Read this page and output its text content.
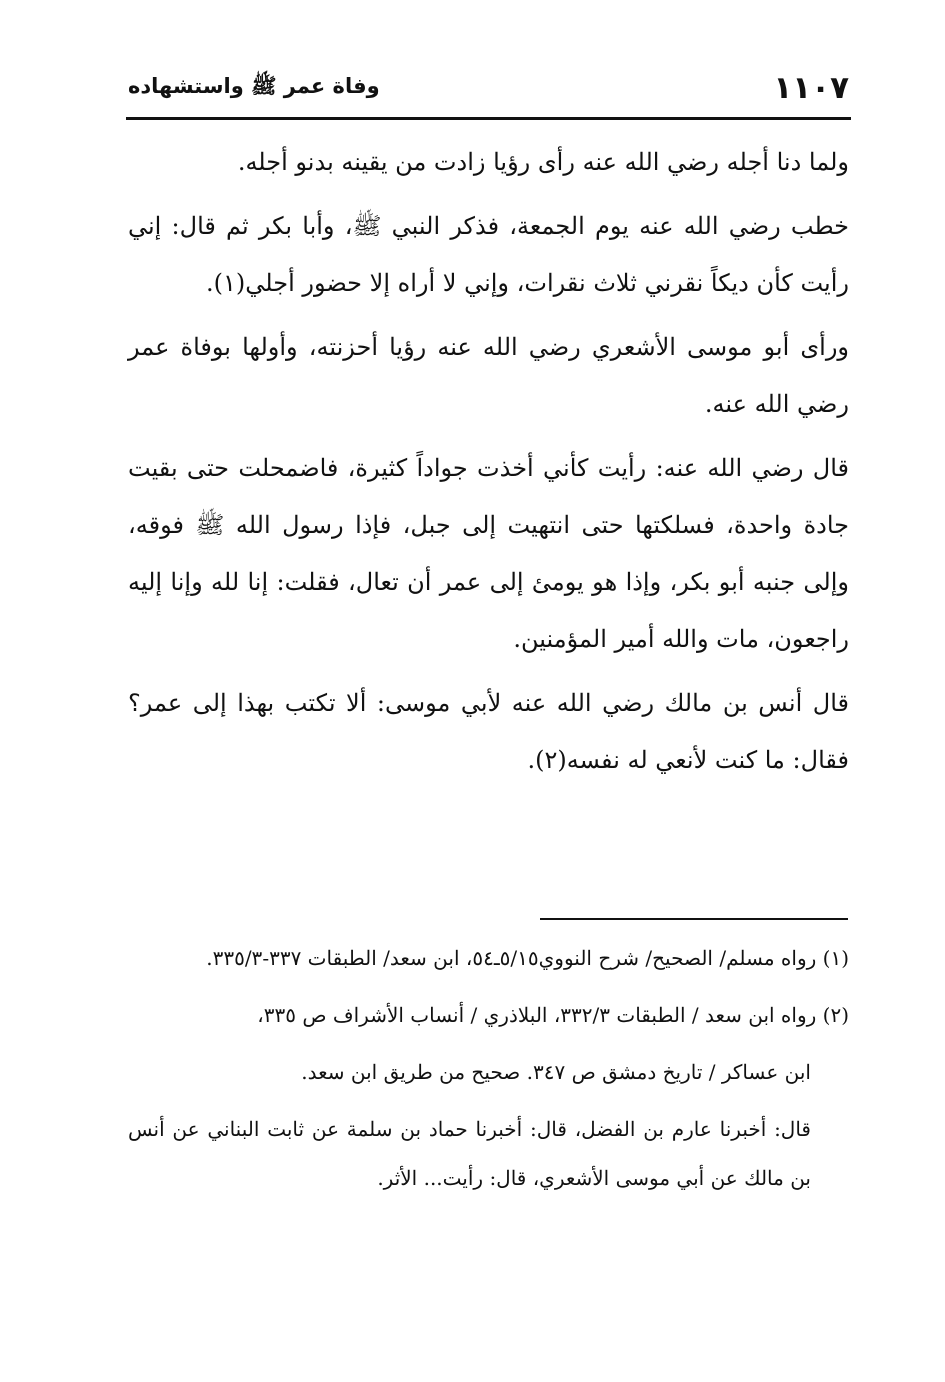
١١٠٧
وفاة عمر ﷺ واستشهاده

ولما دنا أجله رضي الله عنه رأى رؤيا زادت من يقينه بدنو أجله.

خطب رضي الله عنه يوم الجمعة، فذكر النبي ﷺ، وأبا بكر ثم قال: إني رأيت كأن ديكاً نقرني ثلاث نقرات، وإني لا أراه إلا حضور أجلي(١).

ورأى أبو موسى الأشعري رضي الله عنه رؤيا أحزنته، وأولها بوفاة عمر رضي الله عنه.

قال رضي الله عنه: رأيت كأني أخذت جواداً كثيرة، فاضمحلت حتى بقيت جادة واحدة، فسلكتها حتى انتهيت إلى جبل، فإذا رسول الله ﷺ فوقه، وإلى جنبه أبو بكر، وإذا هو يومئ إلى عمر أن تعال، فقلت: إنا لله وإنا إليه راجعون، مات والله أمير المؤمنين.

قال أنس بن مالك رضي الله عنه لأبي موسى: ألا تكتب بهذا إلى عمر؟ فقال: ما كنت لأنعي له نفسه(٢).

(١) رواه مسلم/ الصحيح/ شرح النووي٥/١٥ـ٥٤، ابن سعد/ الطبقات ٣٣٧-٣٣٥/٣.

(٢) رواه ابن سعد / الطبقات ٣٣٢/٣، البلاذري / أنساب الأشراف ص ٣٣٥،

ابن عساكر / تاريخ دمشق ص ٣٤٧. صحيح من طريق ابن سعد.

قال: أخبرنا عارم بن الفضل، قال: أخبرنا حماد بن سلمة عن ثابت البناني عن أنس بن مالك عن أبي موسى الأشعري، قال: رأيت... الأثر.
